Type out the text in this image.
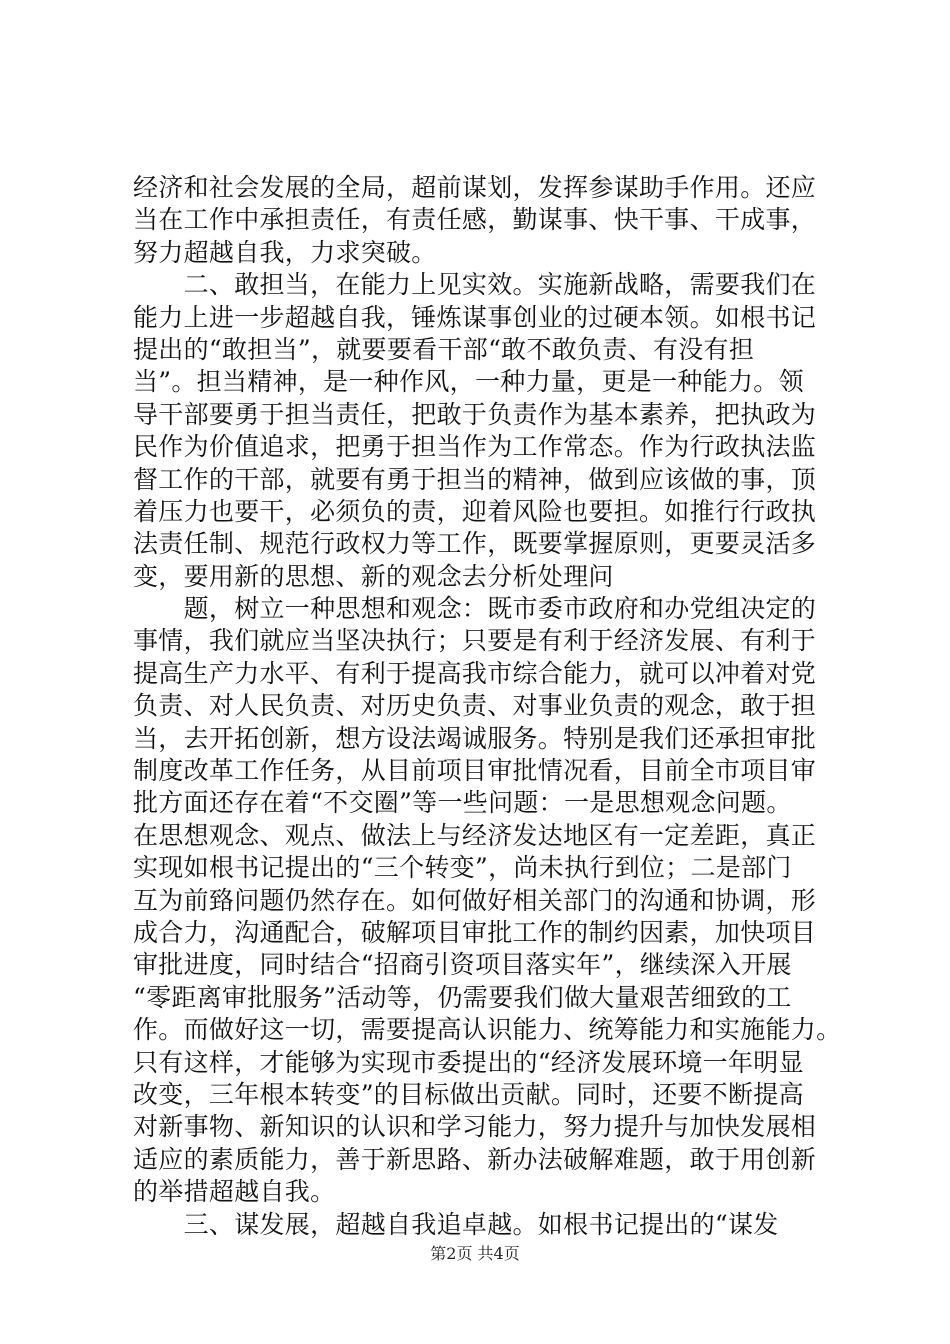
经济和社会发展的全局，超前谋划，发挥参谋助手作用。还应
当在工作中承担责任，有责任感，勤谋事、快干事、干成事，
努力超越自我，力求突破。
　　二、敢担当，在能力上见实效。实施新战略，需要我们在
能力上进一步超越自我，锤炼谋事创业的过硬本领。如根书记
提出的“敢担当”，就要要看干部“敢不敢负责、有没有担
当”。担当精神，是一种作风，一种力量，更是一种能力。领
导干部要勇于担当责任，把敢于负责作为基本素养，把执政为
民作为价值追求，把勇于担当作为工作常态。作为行政执法监
督工作的干部，就要有勇于担当的精神，做到应该做的事，顶
着压力也要干，必须负的责，迎着风险也要担。如推行行政执
法责任制、规范行政权力等工作，既要掌握原则，更要灵活多
变，要用新的思想、新的观念去分析处理问
　　题，树立一种思想和观念：既市委市政府和办党组决定的
事情，我们就应当坚决执行；只要是有利于经济发展、有利于
提高生产力水平、有利于提高我市综合能力，就可以冲着对党
负责、对人民负责、对历史负责、对事业负责的观念，敢于担
当，去开拓创新，想方设法竭诚服务。特别是我们还承担审批
制度改革工作任务，从目前项目审批情况看，目前全市项目审
批方面还存在着“不交圈”等一些问题：一是思想观念问题。
在思想观念、观点、做法上与经济发达地区有一定差距，真正
实现如根书记提出的“三个转变”，尚未执行到位；二是部门
互为前臵问题仍然存在。如何做好相关部门的沟通和协调，形
成合力，沟通配合，破解项目审批工作的制约因素，加快项目
审批进度，同时结合“招商引资项目落实年”，继续深入开展
“零距离审批服务”活动等，仍需要我们做大量艰苦细致的工
作。而做好这一切，需要提高认识能力、统筹能力和实施能力。
只有这样，才能够为实现市委提出的“经济发展环境一年明显
改变，三年根本转变”的目标做出贡献。同时，还要不断提高
对新事物、新知识的认识和学习能力，努力提升与加快发展相
适应的素质能力，善于新思路、新办法破解难题，敢于用创新
的举措超越自我。
　　三、谋发展，超越自我追卓越。如根书记提出的“谋发
第2页 共4页
